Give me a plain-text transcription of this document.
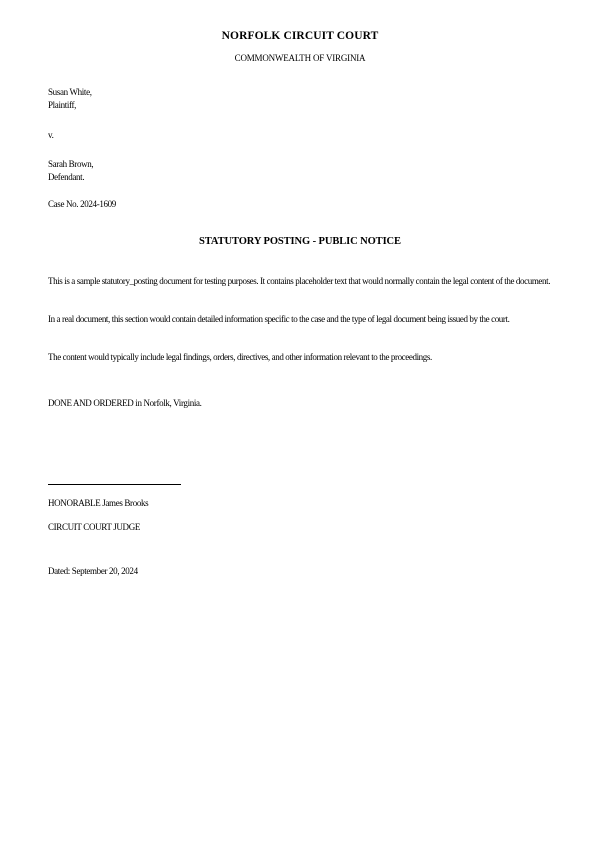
NORFOLK CIRCUIT COURT
COMMONWEALTH OF VIRGINIA
Susan White,
Plaintiff,
v.
Sarah Brown,
Defendant.
Case No. 2024-1609
STATUTORY POSTING - PUBLIC NOTICE
This is a sample statutory_posting document for testing purposes. It contains placeholder text that would normally contain the legal content of the document.
In a real document, this section would contain detailed information specific to the case and the type of legal document being issued by the court.
The content would typically include legal findings, orders, directives, and other information relevant to the proceedings.
DONE AND ORDERED in Norfolk, Virginia.
HONORABLE James Brooks
CIRCUIT COURT JUDGE
Dated: September 20, 2024
